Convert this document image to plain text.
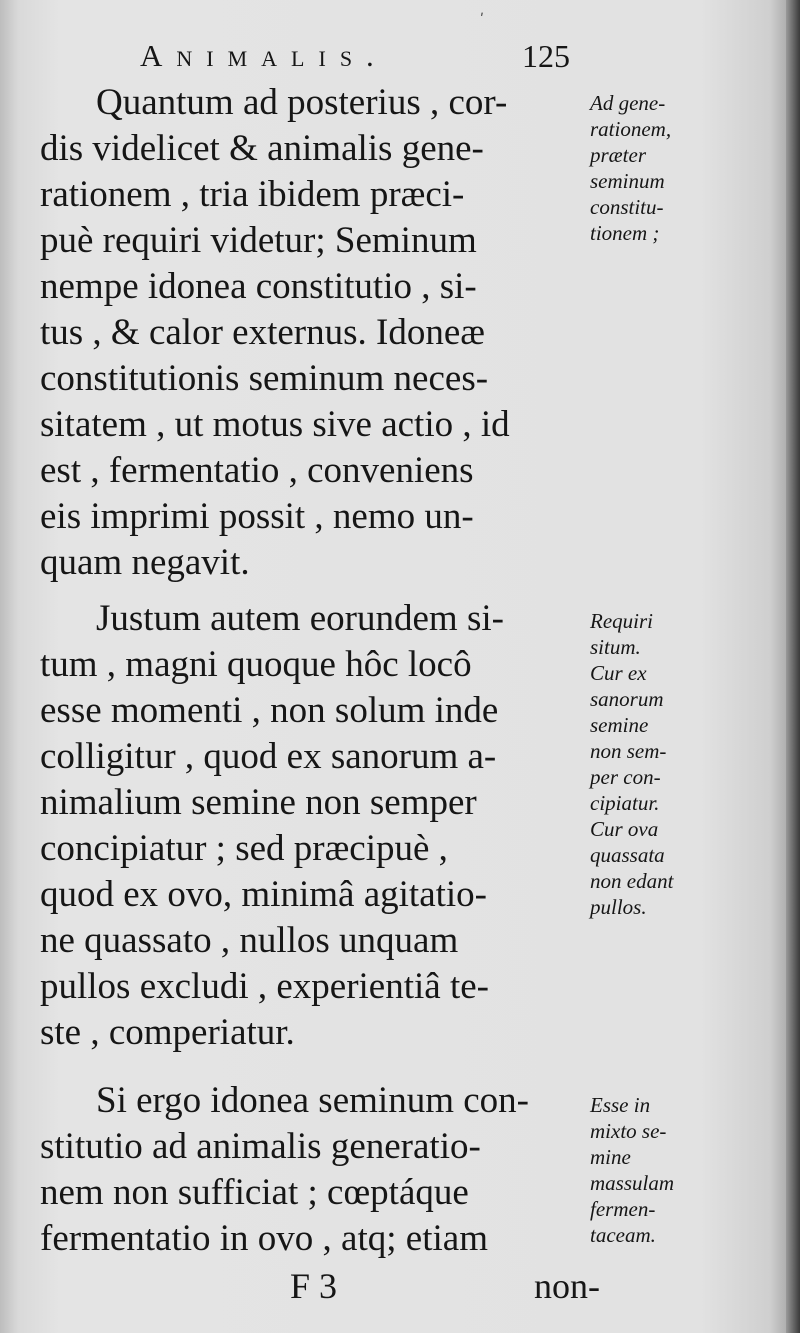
ʹ
Animalis.	125
Quantum ad posterius , cor-
dis videlicet & animalis gene-
rationem , tria ibidem præci-
puè requiri videtur; Seminum
nempe idonea constitutio , si-
tus , & calor externus. Idoneæ
constitutionis seminum neces-
sitatem , ut motus sive actio , id
est , fermentatio , conveniens
eis imprimi possit , nemo un-
quam negavit.
Justum autem eorundem si-
tum , magni quoque hôc locô
esse momenti , non solum inde
colligitur , quod ex sanorum a-
nimalium semine non semper
concipiatur ; sed præcipuè ,
quod ex ovo, minimâ agitatio-
ne quassato , nullos unquam
pullos excludi , experientiâ te-
ste , comperiatur.
Si ergo idonea seminum con-
stitutio ad animalis generatio-
nem non sufficiat ; cœptáque
fermentatio in ovo , atq; etiam
Ad gene-
rationem,
præter
seminum
constitu-
tionem ;
Requiri
situm.
Cur ex
sanorum
semine
non sem-
per con-
cipiatur.
Cur ova
quassata
non edant
pullos.
Esse in
mixto se-
mine
massulam
fermen-
taceam.
F 3	non-
